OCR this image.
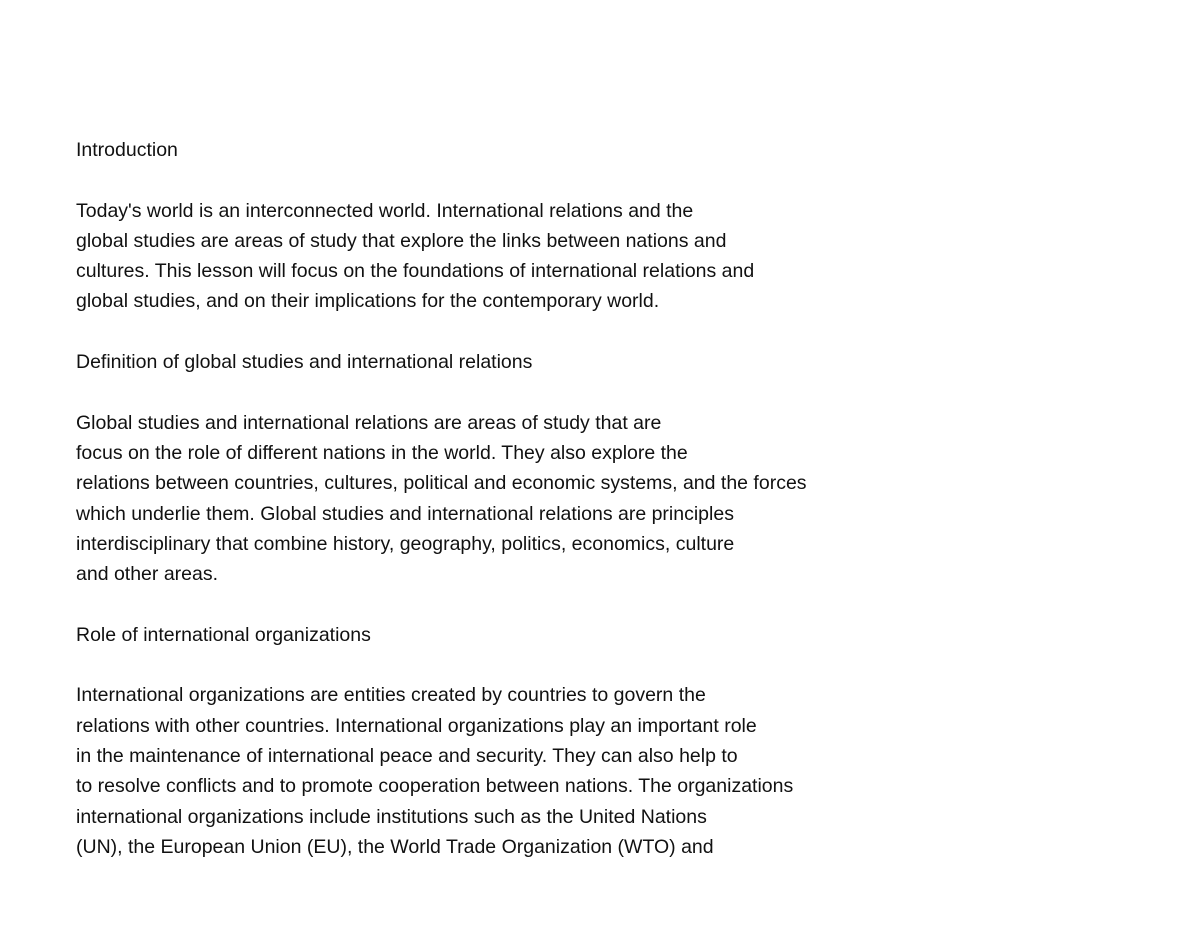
Introduction
Today's world is an interconnected world. International relations and the
global studies are areas of study that explore the links between nations and
cultures. This lesson will focus on the foundations of international relations and
global studies, and on their implications for the contemporary world.
Definition of global studies and international relations
Global studies and international relations are areas of study that are
focus on the role of different nations in the world. They also explore the
relations between countries, cultures, political and economic systems, and the forces
which underlie them. Global studies and international relations are principles
interdisciplinary that combine history, geography, politics, economics, culture
and other areas.
Role of international organizations
International organizations are entities created by countries to govern the
relations with other countries. International organizations play an important role
in the maintenance of international peace and security. They can also help to
to resolve conflicts and to promote cooperation between nations. The organizations
international organizations include institutions such as the United Nations
(UN), the European Union (EU), the World Trade Organization (WTO) and
